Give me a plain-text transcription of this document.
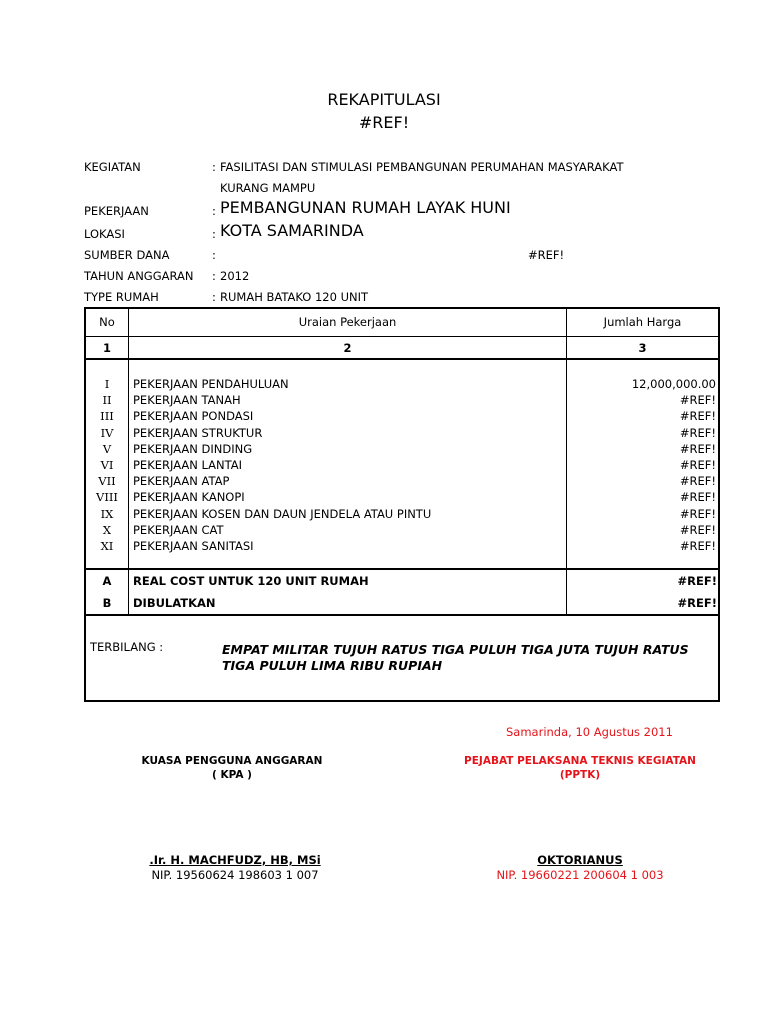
REKAPITULASI
#REF!
KEGIATAN	: FASILITASI DAN STIMULASI PEMBANGUNAN PERUMAHAN MASYARAKAT
KURANG MAMPU
PEKERJAAN	: PEMBANGUNAN RUMAH LAYAK HUNI
LOKASI	: KOTA SAMARINDA
SUMBER DANA	:	#REF!
TAHUN ANGGARAN : 2012
TYPE RUMAH	: RUMAH BATAKO 120 UNIT
No	Uraian Pekerjaan	Jumlah Harga
1	2	3
I	PEKERJAAN PENDAHULUAN	12,000,000.00
II	PEKERJAAN TANAH	#REF!
III	PEKERJAAN PONDASI	#REF!
IV	PEKERJAAN STRUKTUR	#REF!
V	PEKERJAAN DINDING	#REF!
VI	PEKERJAAN LANTAI	#REF!
VII	PEKERJAAN ATAP	#REF!
VIII	PEKERJAAN KANOPI	#REF!
IX	PEKERJAAN KOSEN DAN DAUN JENDELA ATAU PINTU	#REF!
X	PEKERJAAN CAT	#REF!
XI	PEKERJAAN SANITASI	#REF!
A	REAL COST UNTUK 120 UNIT RUMAH	#REF!
B	DIBULATKAN	#REF!
TERBILANG :	EMPAT MILITAR TUJUH RATUS TIGA PULUH TIGA JUTA TUJUH RATUS
TIGA PULUH LIMA RIBU RUPIAH
Samarinda, 10 Agustus 2011
KUASA PENGGUNA ANGGARAN
( KPA )
PEJABAT PELAKSANA TEKNIS KEGIATAN
(PPTK)
.Ir. H. MACHFUDZ, HB, MSi
NIP. 19560624 198603 1 007
OKTORIANUS
NIP. 19660221 200604 1 003
